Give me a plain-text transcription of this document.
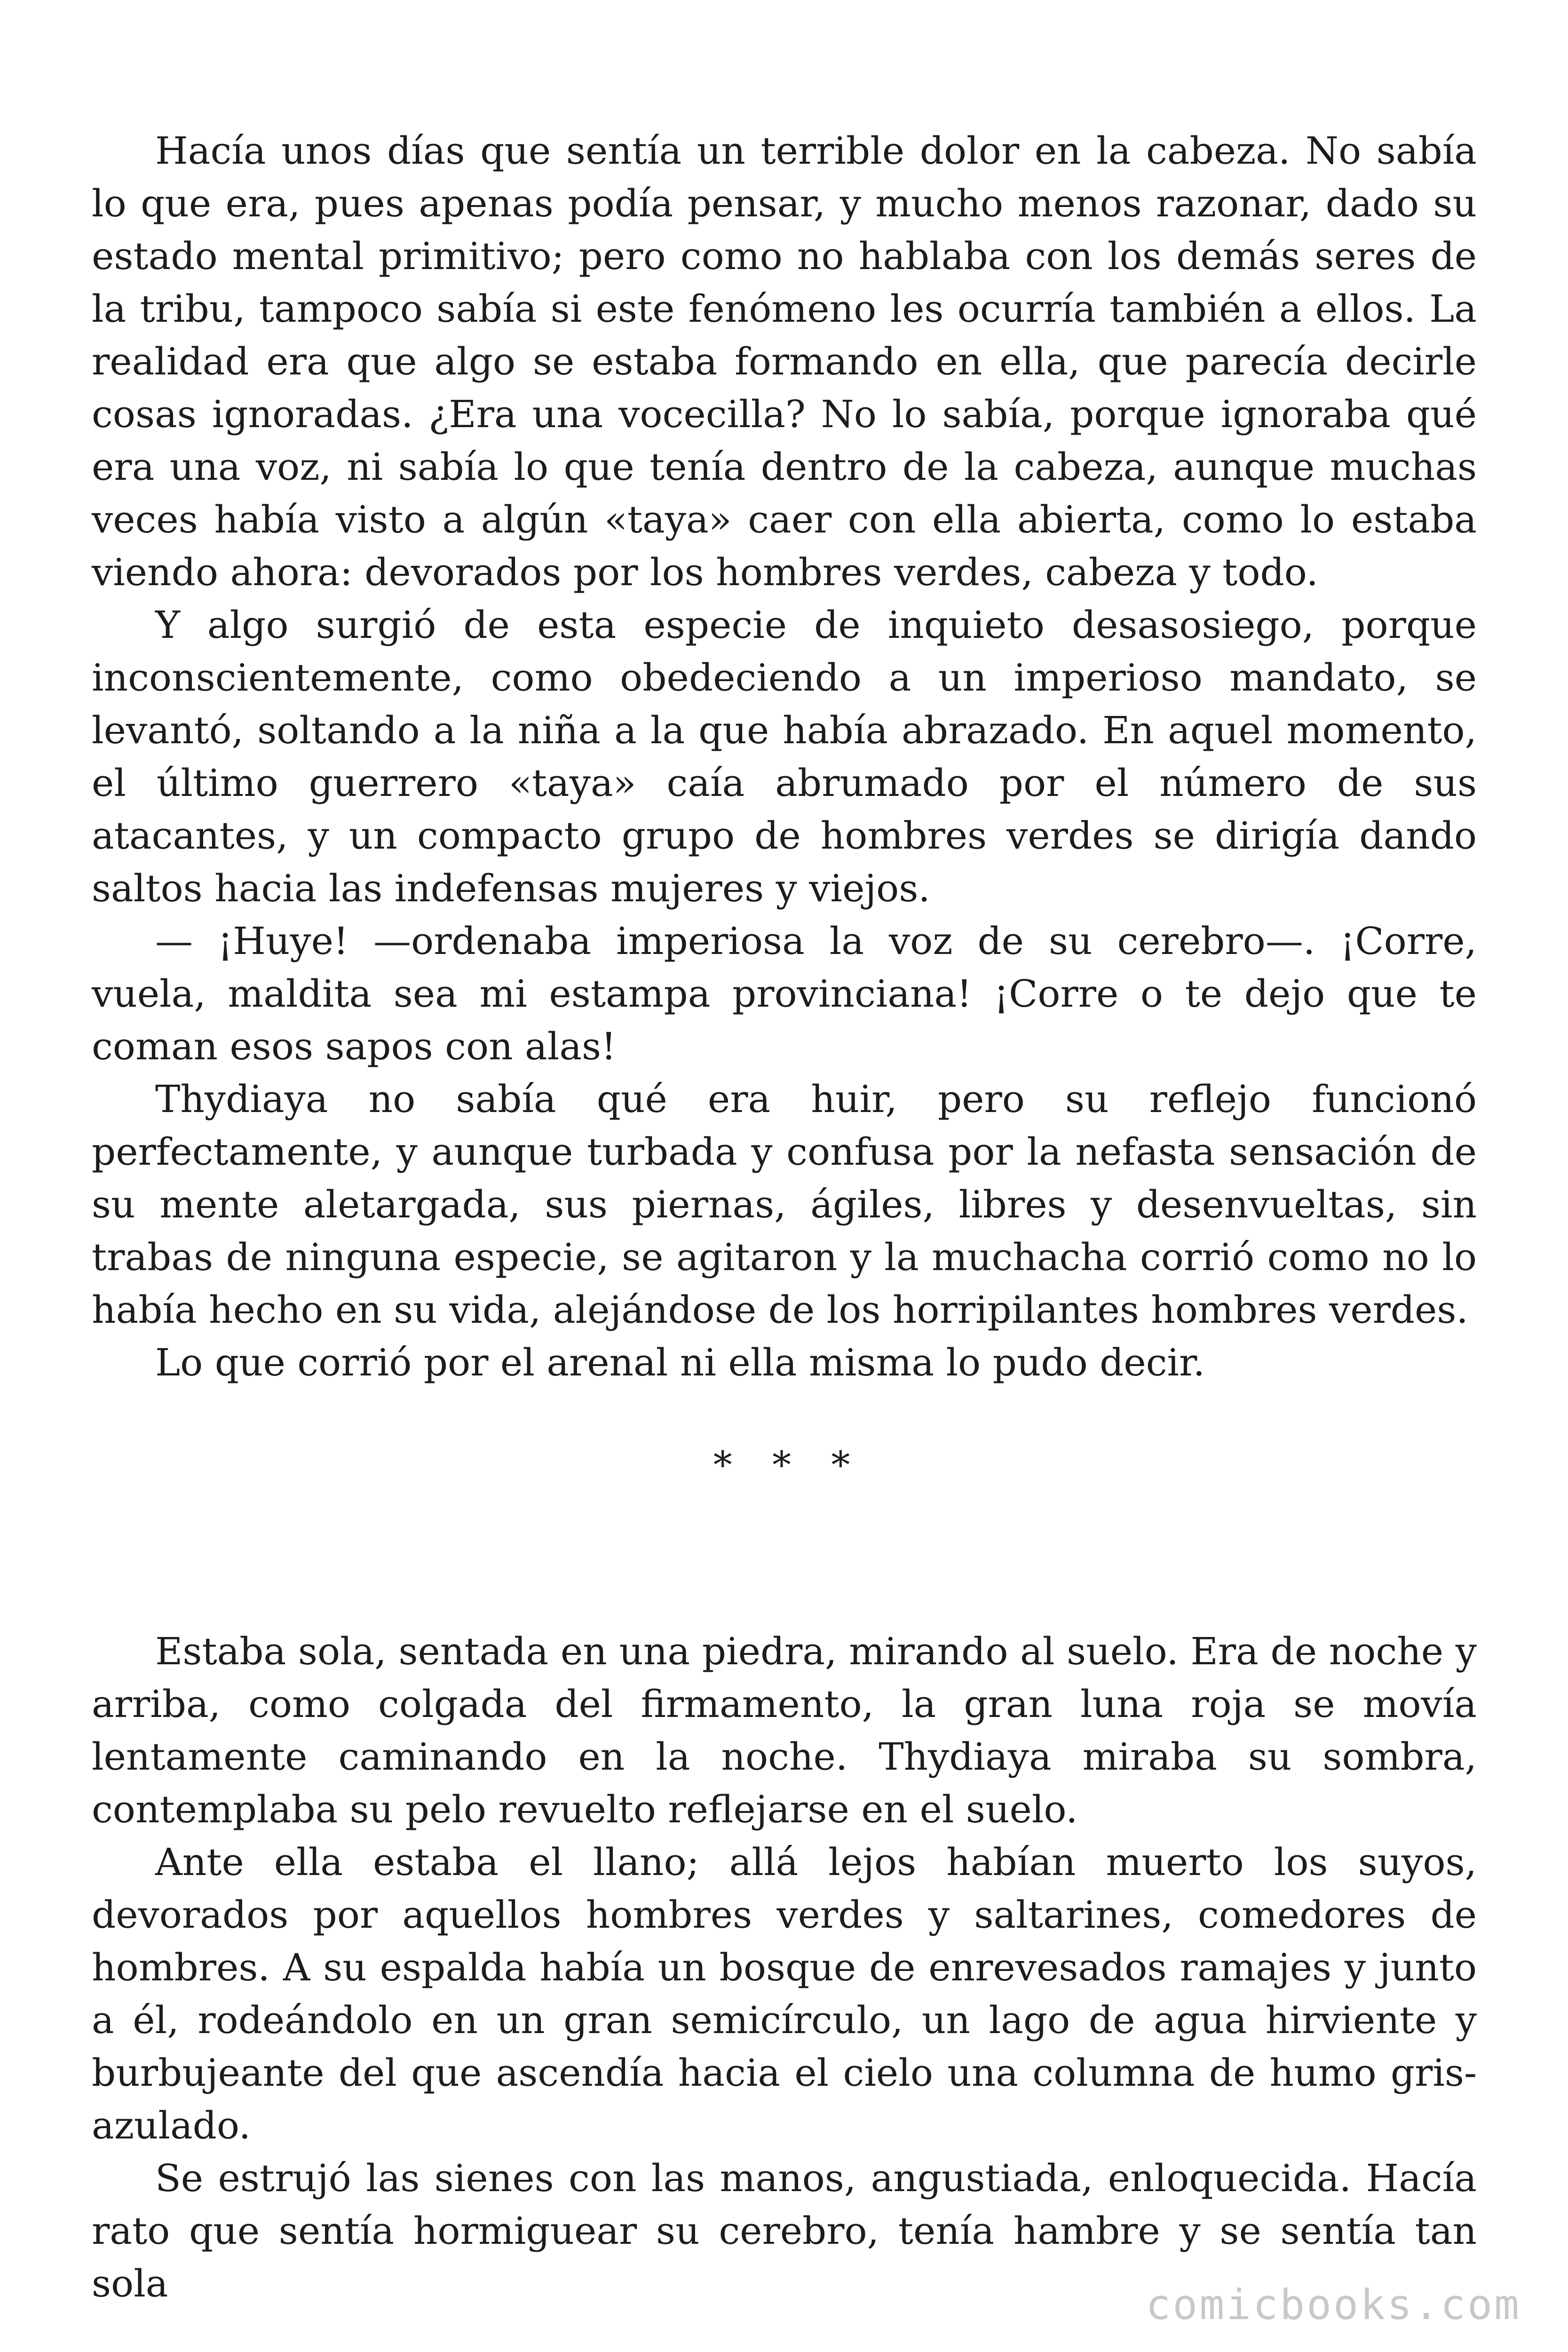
Hacía unos días que sentía un terrible dolor en la cabeza. No sabía lo que era, pues apenas podía pensar, y mucho menos razonar, dado su estado mental primitivo; pero como no hablaba con los demás seres de la tribu, tampoco sabía si este fenómeno les ocurría también a ellos. La realidad era que algo se estaba formando en ella, que parecía decirle cosas ignoradas. ¿Era una vocecilla? No lo sabía, porque ignoraba qué era una voz, ni sabía lo que tenía dentro de la cabeza, aunque muchas veces había visto a algún «taya» caer con ella abierta, como lo estaba viendo ahora: devorados por los hombres verdes, cabeza y todo.

Y algo surgió de esta especie de inquieto desasosiego, porque inconscientemente, como obedeciendo a un imperioso mandato, se levantó, soltando a la niña a la que había abrazado. En aquel momento, el último guerrero «taya» caía abrumado por el número de sus atacantes, y un compacto grupo de hombres verdes se dirigía dando saltos hacia las indefensas mujeres y viejos.

— ¡Huye! —ordenaba imperiosa la voz de su cerebro—. ¡Corre, vuela, maldita sea mi estampa provinciana! ¡Corre o te dejo que te coman esos sapos con alas!

Thydiaya no sabía qué era huir, pero su reflejo funcionó perfectamente, y aunque turbada y confusa por la nefasta sensación de su mente aletargada, sus piernas, ágiles, libres y desenvueltas, sin trabas de ninguna especie, se agitaron y la muchacha corrió como no lo había hecho en su vida, alejándose de los horripilantes hombres verdes.

Lo que corrió por el arenal ni ella misma lo pudo decir.

* * *

Estaba sola, sentada en una piedra, mirando al suelo. Era de noche y arriba, como colgada del firmamento, la gran luna roja se movía lentamente caminando en la noche. Thydiaya miraba su sombra, contemplaba su pelo revuelto reflejarse en el suelo.

Ante ella estaba el llano; allá lejos habían muerto los suyos, devorados por aquellos hombres verdes y saltarines, comedores de hombres. A su espalda había un bosque de enrevesados ramajes y junto a él, rodeándolo en un gran semicírculo, un lago de agua hirviente y burbujeante del que ascendía hacia el cielo una columna de humo gris-azulado.

Se estrujó las sienes con las manos, angustiada, enloquecida. Hacía rato que sentía hormiguear su cerebro, tenía hambre y se sentía tan sola	comicbooks.com
